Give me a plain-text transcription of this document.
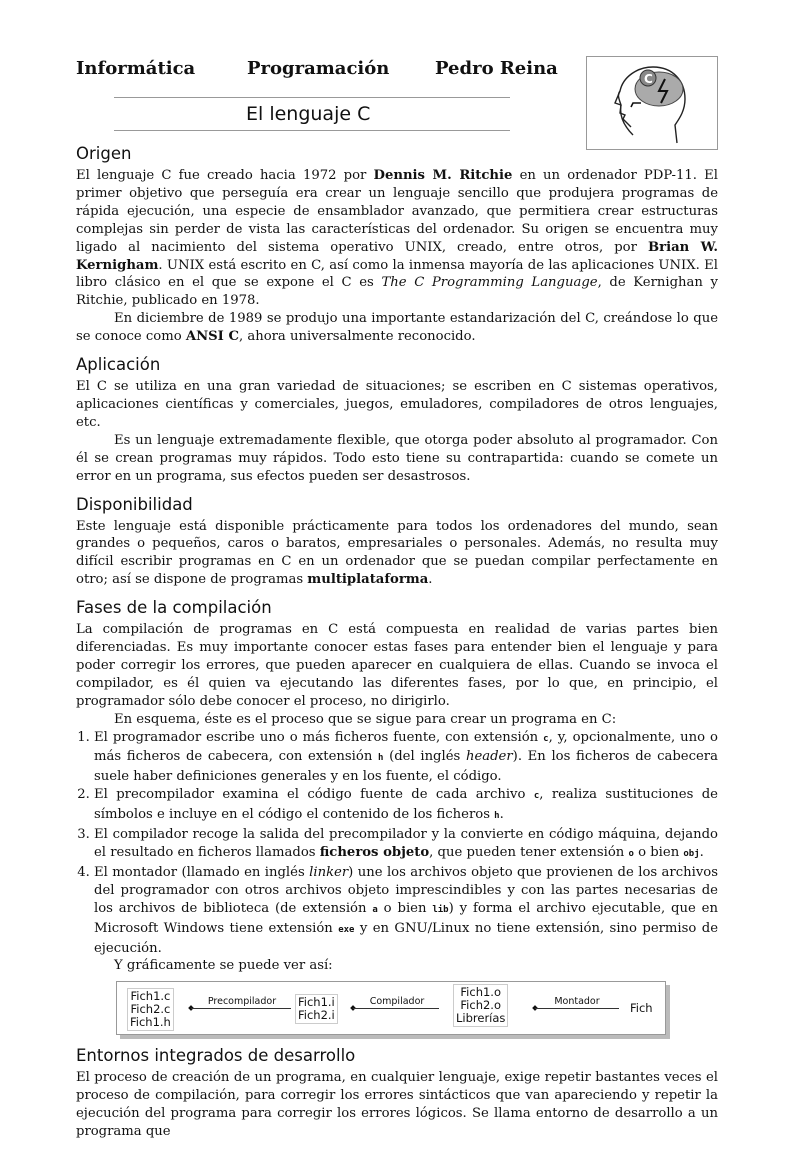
Informática	Programación	Pedro Reina
El lenguaje C
C
Origen

El lenguaje C fue creado hacia 1972 por Dennis M. Ritchie en un ordenador PDP-11. El primer objetivo que perseguía era crear un lenguaje sencillo que produjera programas de rápida ejecución, una especie de ensamblador avanzado, que permitiera crear estructuras complejas sin perder de vista las características del ordenador. Su origen se encuentra muy ligado al nacimiento del sistema operativo UNIX, creado, entre otros, por Brian W. Kernigham. UNIX está escrito en C, así como la inmensa mayoría de las aplicaciones UNIX. El libro clásico en el que se expone el C es The C Programming Language, de Kernighan y Ritchie, publicado en 1978.

En diciembre de 1989 se produjo una importante estandarización del C, creándose lo que se conoce como ANSI C, ahora universalmente reconocido.

Aplicación

El C se utiliza en una gran variedad de situaciones; se escriben en C sistemas operativos, aplicaciones científicas y comerciales, juegos, emuladores, compiladores de otros lenguajes, etc.

Es un lenguaje extremadamente flexible, que otorga poder absoluto al programador. Con él se crean programas muy rápidos. Todo esto tiene su contrapartida: cuando se comete un error en un programa, sus efectos pueden ser desastrosos.

Disponibilidad

Este lenguaje está disponible prácticamente para todos los ordenadores del mundo, sean grandes o pequeños, caros o baratos, empresariales o personales. Además, no resulta muy difícil escribir programas en C en un ordenador que se puedan compilar perfectamente en otro; así se dispone de programas multiplataforma.

Fases de la compilación

La compilación de programas en C está compuesta en realidad de varias partes bien diferenciadas. Es muy importante conocer estas fases para entender bien el lenguaje y para poder corregir los errores, que pueden aparecer en cualquiera de ellas. Cuando se invoca el compilador, es él quien va ejecutando las diferentes fases, por lo que, en principio, el programador sólo debe conocer el proceso, no dirigirlo.

En esquema, éste es el proceso que se sigue para crear un programa en C:

1. El programador escribe uno o más ficheros fuente, con extensión c, y, opcionalmente, uno o más ficheros de cabecera, con extensión h (del inglés header). En los ficheros de cabecera suele haber definiciones generales y en los fuente, el código.
2. El precompilador examina el código fuente de cada archivo c, realiza sustituciones de símbolos e incluye en el código el contenido de los ficheros h.
3. El compilador recoge la salida del precompilador y la convierte en código máquina, dejando el resultado en ficheros llamados ficheros objeto, que pueden tener extensión o o bien obj.
4. El montador (llamado en inglés linker) une los archivos objeto que provienen de los archivos del programador con otros archivos objeto imprescindibles y con las partes necesarias de los archivos de biblioteca (de extensión a o bien lib) y forma el archivo ejecutable, que en Microsoft Windows tiene extensión exe y en GNU/Linux no tiene extensión, sino permiso de ejecución.

Y gráficamente se puede ver así:

Fich1.c
Fich2.c
Fich1.h
Precompilador	Fich1.i
Fich2.i
Compilador
Fich1.o
Fich2.o
Librerías
Montador	Fich
Entornos integrados de desarrollo

El proceso de creación de un programa, en cualquier lenguaje, exige repetir bastantes veces el proceso de compilación, para corregir los errores sintácticos que van apareciendo y repetir la ejecución del programa para corregir los errores lógicos. Se llama entorno de desarrollo a un programa que
